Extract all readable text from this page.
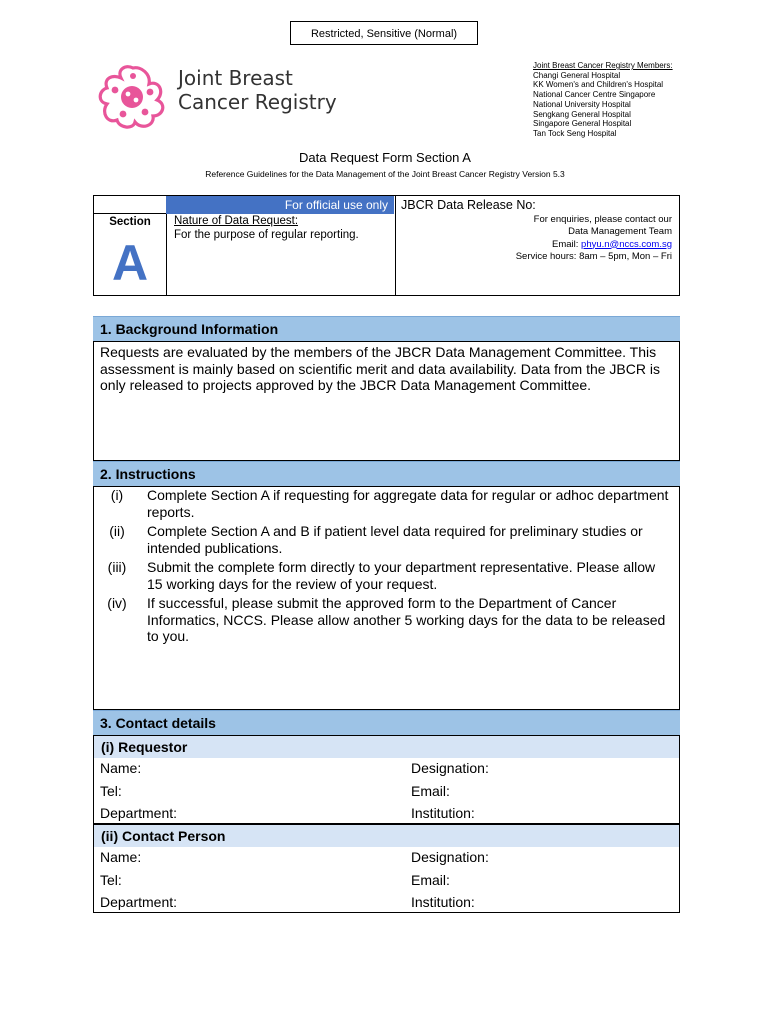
Restricted, Sensitive (Normal)
Joint Breast
Cancer Registry
Joint Breast Cancer Registry Members:
Changi General Hospital
KK Women's and Children's Hospital
National Cancer Centre Singapore
National University Hospital
Sengkang General Hospital
Singapore General Hospital
Tan Tock Seng Hospital
Data Request Form Section A
Reference Guidelines for the Data Management of the Joint Breast Cancer Registry Version 5.3
For official use only	JBCR Data Release No:
Section
A
Nature of Data Request:
For the purpose of regular reporting.
For enquiries, please contact our
Data Management Team
Email: phyu.n@nccs.com.sg
Service hours: 8am – 5pm, Mon – Fri
1. Background Information
Requests are evaluated by the members of the JBCR Data Management Committee. This assessment is mainly based on scientific merit and data availability. Data from the JBCR is only released to projects approved by the JBCR Data Management Committee.
2. Instructions
(i)	Complete Section A if requesting for aggregate data for regular or adhoc department reports.
(ii)	Complete Section A and B if patient level data required for preliminary studies or intended publications.
(iii)	Submit the complete form directly to your department representative. Please allow 15 working days for the review of your request.
(iv)	If successful, please submit the approved form to the Department of Cancer Informatics, NCCS. Please allow another 5 working days for the data to be released to you.
3. Contact details
(i) Requestor
Name:	Designation:
Tel:	Email:
Department:	Institution:
(ii) Contact Person
Name:	Designation:
Tel:	Email:
Department:	Institution:
